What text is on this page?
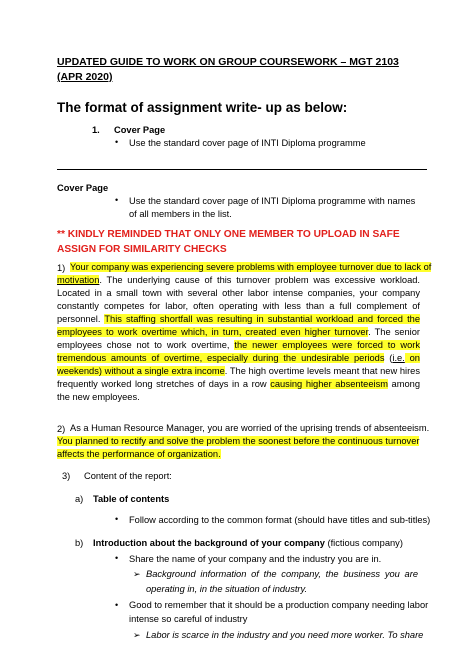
UPDATED GUIDE TO WORK ON GROUP COURSEWORK – MGT 2103 (APR 2020)

The format of assignment write- up as below:

1. Cover Page
• Use the standard cover page of INTI Diploma programme
Cover Page
• Use the standard cover page of INTI Diploma programme with names
of all members in the list.

** KINDLY REMINDED THAT ONLY ONE MEMBER TO UPLOAD IN SAFE

ASSIGN FOR SIMILARITY CHECKS

1) Your company was experiencing severe problems with employee turnover due to lack of
motivation. The underlying cause of this turnover problem was excessive workload.
Located in a small town with several other labor intense companies, your company
constantly competes for labor, often operating with less than a full complement of
personnel. This staffing shortfall was resulting in substantial workload and forced the
employees to work overtime which, in turn, created even higher turnover. The senior
employees chose not to work overtime, the newer employees were forced to work
tremendous amounts of overtime, especially during the undesirable periods (i.e. on
weekends) without a single extra income. The high overtime levels meant that new hires
frequently worked long stretches of days in a row causing higher absenteeism among
the new employees.
2) As a Human Resource Manager, you are worried of the uprising trends of absenteeism.
You planned to rectify and solve the problem the soonest before the continuous turnover
affects the performance of organization.
3) Content of the report:
a) Table of contents
• Follow according to the common format (should have titles and sub-titles)
b) Introduction about the background of your company (fictious company)
• Share the name of your company and the industry you are in.
➢ Background information of the company, the business you are
operating in, in the situation of industry.
• Good to remember that it should be a production company needing labor
intense so careful of industry
➢ Labor is scarce in the industry and you need more worker. To share
